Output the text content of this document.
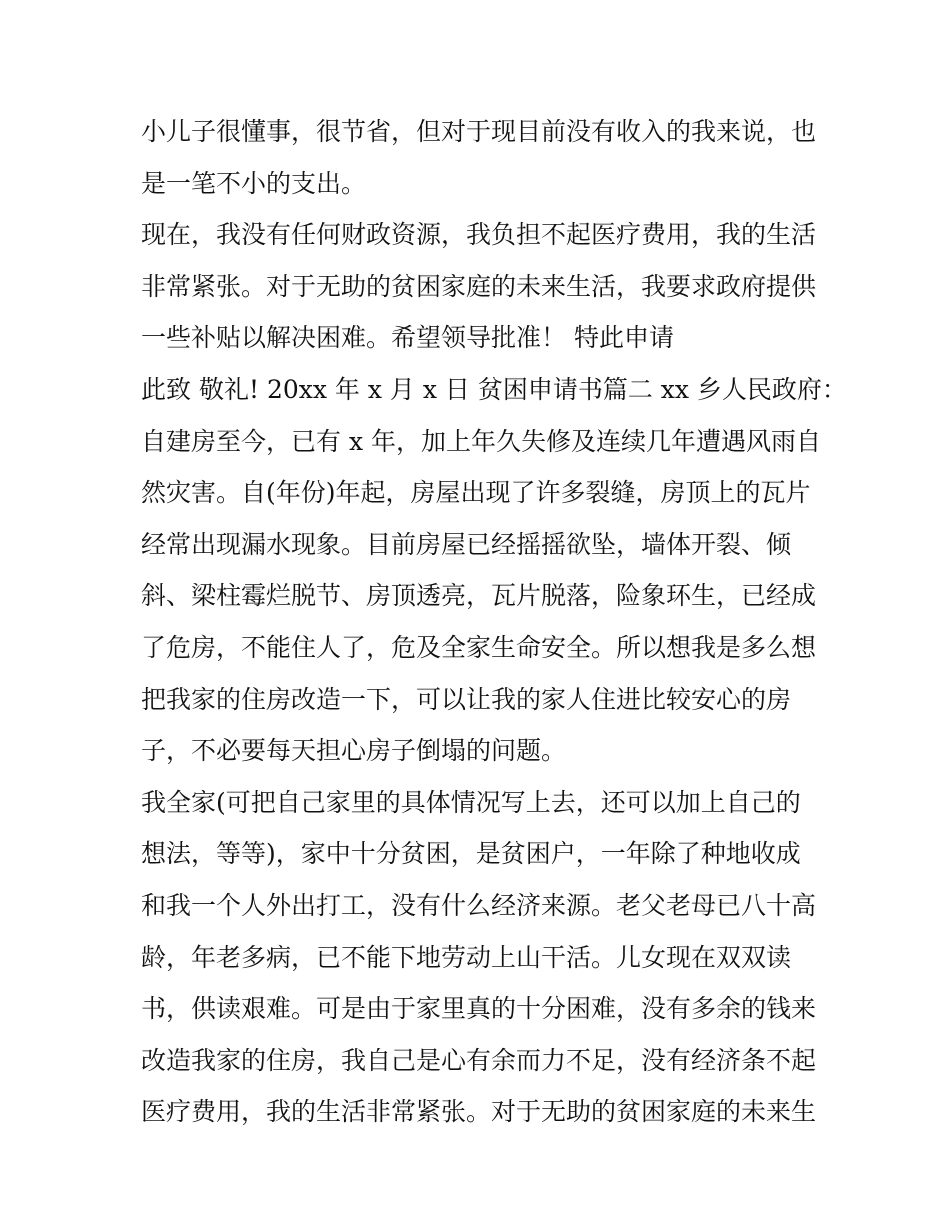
小儿子很懂事，很节省，但对于现目前没有收入的我来说，也

是一笔不小的支出。

现在，我没有任何财政资源，我负担不起医疗费用，我的生活

非常紧张。对于无助的贫困家庭的未来生活，我要求政府提供

一些补贴以解决困难。希望领导批准！ 特此申请

此致 敬礼! 20xx 年 x 月 x 日 贫困申请书篇二 xx 乡人民政府：

自建房至今，已有 x 年，加上年久失修及连续几年遭遇风雨自

然灾害。自(年份)年起，房屋出现了许多裂缝，房顶上的瓦片

经常出现漏水现象。目前房屋已经摇摇欲坠，墙体开裂、倾

斜、梁柱霉烂脱节、房顶透亮，瓦片脱落，险象环生，已经成

了危房，不能住人了，危及全家生命安全。所以想我是多么想

把我家的住房改造一下，可以让我的家人住进比较安心的房

子，不必要每天担心房子倒塌的问题。

我全家(可把自己家里的具体情况写上去，还可以加上自己的

想法，等等)，家中十分贫困，是贫困户，一年除了种地收成

和我一个人外出打工，没有什么经济来源。老父老母已八十高

龄，年老多病，已不能下地劳动上山干活。儿女现在双双读

书，供读艰难。可是由于家里真的十分困难，没有多余的钱来

改造我家的住房，我自己是心有余而力不足，没有经济条不起

医疗费用，我的生活非常紧张。对于无助的贫困家庭的未来生
